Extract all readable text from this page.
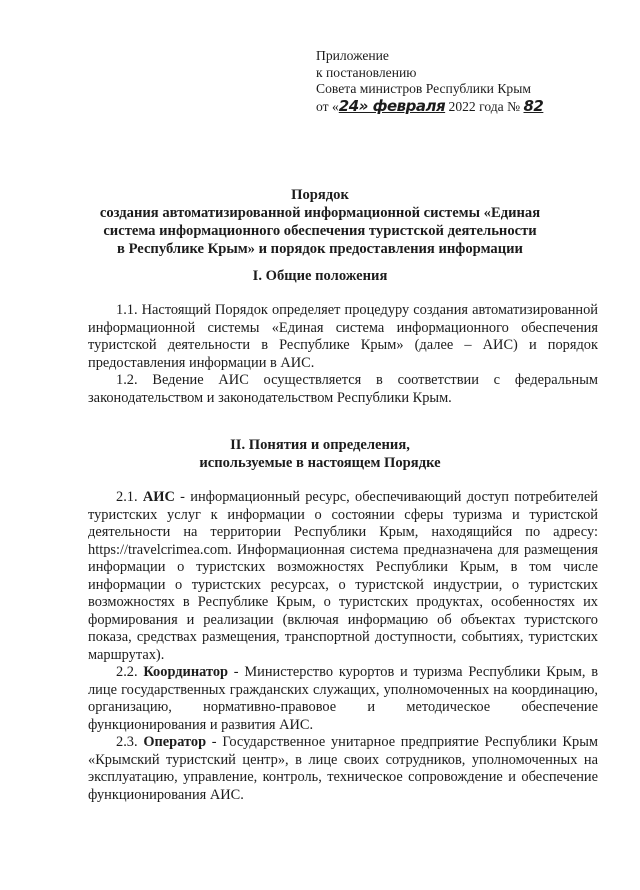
Приложение
к постановлению
Совета министров Республики Крым
от «24» февраля 2022 года № 82
Порядок
создания автоматизированной информационной системы «Единая
система информационного обеспечения туристской деятельности
в Республике Крым» и порядок предоставления информации
I. Общие положения

1.1. Настоящий Порядок определяет процедуру создания автоматизированной информационной системы «Единая система информационного обеспечения туристской деятельности в Республике Крым» (далее – АИС) и порядок предоставления информации в АИС.

1.2. Ведение АИС осуществляется в соответствии с федеральным законодательством и законодательством Республики Крым.

II. Понятия и определения,
используемые в настоящем Порядке

2.1. АИС - информационный ресурс, обеспечивающий доступ потребителей туристских услуг к информации о состоянии сферы туризма и туристской деятельности на территории Республики Крым, находящийся по адресу: https://travelcrimea.com. Информационная система предназначена для размещения информации о туристских возможностях Республики Крым, в том числе информации о туристских ресурсах, о туристской индустрии, о туристских возможностях в Республике Крым, о туристских продуктах, особенностях их формирования и реализации (включая информацию об объектах туристского показа, средствах размещения, транспортной доступности, событиях, туристских маршрутах).

2.2. Координатор - Министерство курортов и туризма Республики Крым, в лице государственных гражданских служащих, уполномоченных на координацию, организацию, нормативно-правовое и методическое обеспечение функционирования и развития АИС.

2.3. Оператор - Государственное унитарное предприятие Республики Крым «Крымский туристский центр», в лице своих сотрудников, уполномоченных на эксплуатацию, управление, контроль, техническое сопровождение и обеспечение функционирования АИС.
